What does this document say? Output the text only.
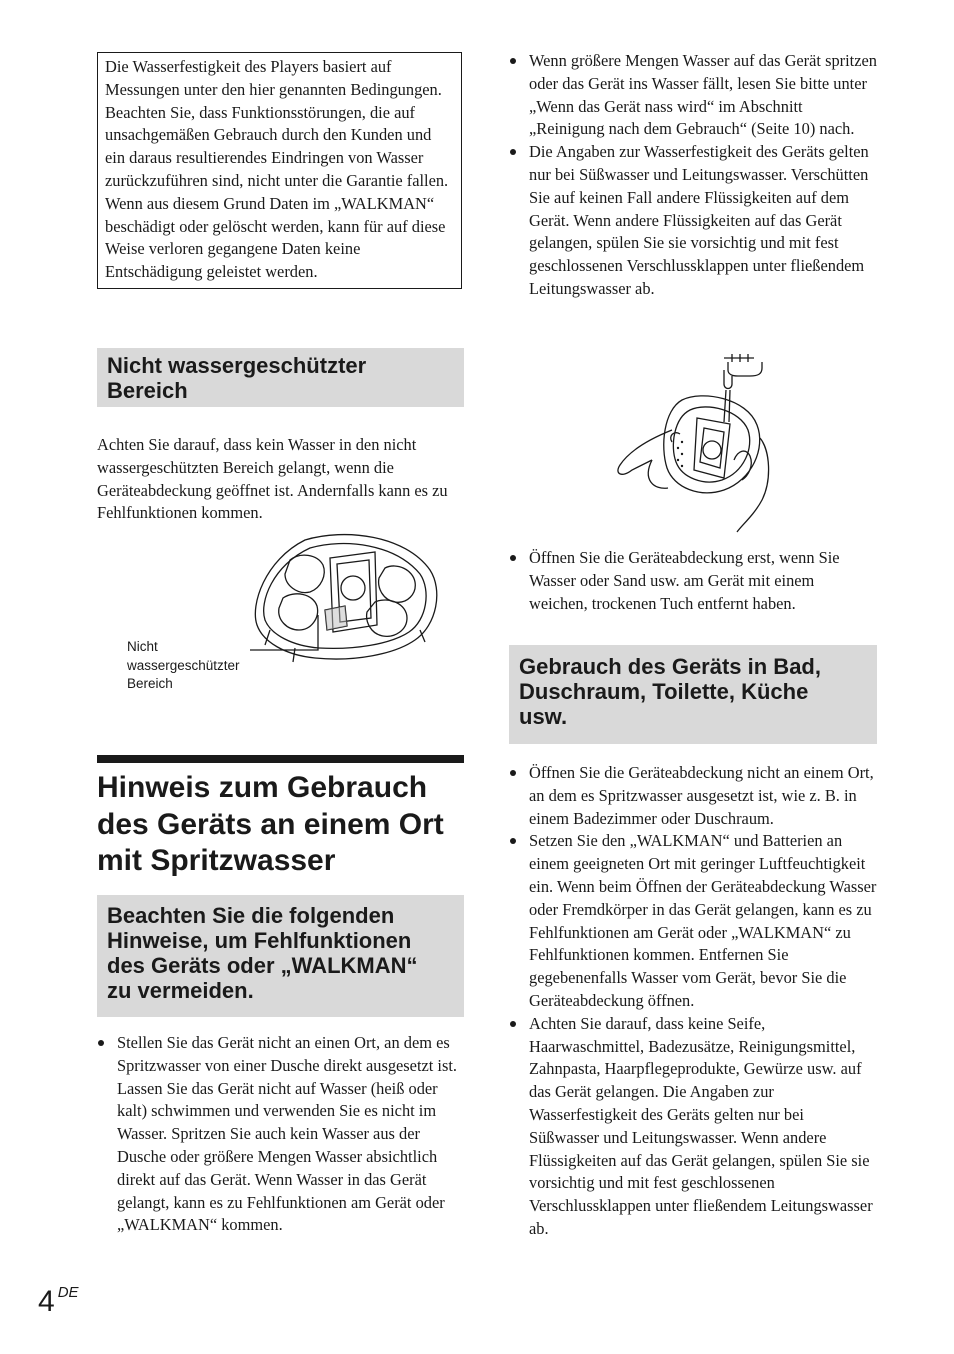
Die Wasserfestigkeit des Players basiert auf Messungen unter den hier genannten Bedingungen. Beachten Sie, dass Funktionsstörungen, die auf unsachgemäßen Gebrauch durch den Kunden und ein daraus resultierendes Eindringen von Wasser zurückzuführen sind, nicht unter die Garantie fallen.

Wenn aus diesem Grund Daten im „WALKMAN“ beschädigt oder gelöscht werden, kann für auf diese Weise verloren gegangene Daten keine Entschädigung geleistet werden.

Nicht wassergeschützter
Bereich

Achten Sie darauf, dass kein Wasser in den nicht wassergeschützten Bereich gelangt, wenn die Geräteabdeckung geöffnet ist. Andernfalls kann es zu Fehlfunktionen kommen.

Nicht
wassergeschützter
Bereich
Hinweis zum Gebrauch
des Geräts an einem Ort
mit Spritzwasser
Beachten Sie die folgenden
Hinweise, um Fehlfunktionen
des Geräts oder „WALKMAN“
zu vermeiden.
Stellen Sie das Gerät nicht an einen Ort, an dem es Spritzwasser von einer Dusche direkt ausgesetzt ist. Lassen Sie das Gerät nicht auf Wasser (heiß oder kalt) schwimmen und verwenden Sie es nicht im Wasser. Spritzen Sie auch kein Wasser aus der Dusche oder größere Mengen Wasser absichtlich direkt auf das Gerät. Wenn Wasser in das Gerät gelangt, kann es zu Fehlfunktionen am Gerät oder „WALKMAN“ kommen.
Wenn größere Mengen Wasser auf das Gerät spritzen oder das Gerät ins Wasser fällt, lesen Sie bitte unter „Wenn das Gerät nass wird“ im Abschnitt „Reinigung nach dem Gebrauch“ (Seite 10) nach.
Die Angaben zur Wasserfestigkeit des Geräts gelten nur bei Süßwasser und Leitungswasser. Verschütten Sie auf keinen Fall andere Flüssigkeiten auf dem Gerät. Wenn andere Flüssigkeiten auf das Gerät gelangen, spülen Sie sie vorsichtig und mit fest geschlossenen Verschlussklappen unter fließendem Leitungswasser ab.
Öffnen Sie die Geräteabdeckung erst, wenn Sie Wasser oder Sand usw. am Gerät mit einem weichen, trockenen Tuch entfernt haben.
Gebrauch des Geräts in Bad,
Duschraum, Toilette, Küche
usw.
Öffnen Sie die Geräteabdeckung nicht an einem Ort, an dem es Spritzwasser ausgesetzt ist, wie z. B. in einem Badezimmer oder Duschraum.
Setzen Sie den „WALKMAN“ und Batterien an einem geeigneten Ort mit geringer Luftfeuchtigkeit ein. Wenn beim Öffnen der Geräteabdeckung Wasser oder Fremdkörper in das Gerät gelangen, kann es zu Fehlfunktionen am Gerät oder „WALKMAN“ zu Fehlfunktionen kommen. Entfernen Sie gegebenenfalls Wasser vom Gerät, bevor Sie die Geräteabdeckung öffnen.
Achten Sie darauf, dass keine Seife, Haarwaschmittel, Badezusätze, Reinigungsmittel, Zahnpasta, Haarpflegeprodukte, Gewürze usw. auf das Gerät gelangen. Die Angaben zur Wasserfestigkeit des Geräts gelten nur bei Süßwasser und Leitungswasser. Wenn andere Flüssigkeiten auf das Gerät gelangen, spülen Sie sie vorsichtig und mit fest geschlossenen Verschlussklappen unter fließendem Leitungswasser ab.
4 DE
